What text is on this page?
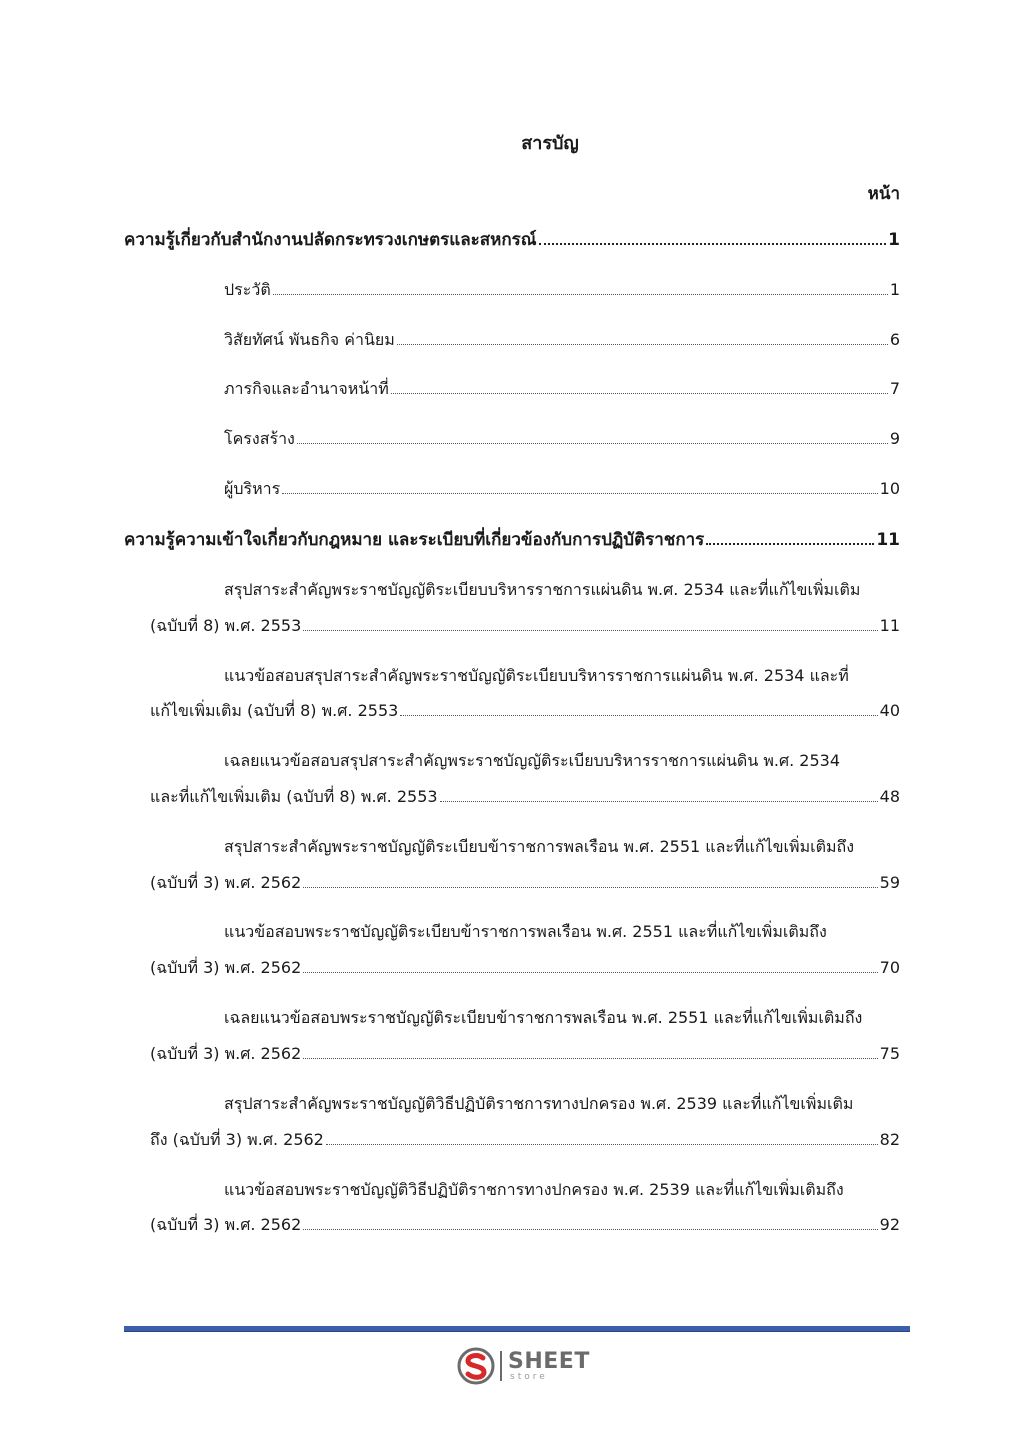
สารบัญ
หน้า
ความรู้เกี่ยวกับสำนักงานปลัดกระทรวงเกษตรและสหกรณ์	1
ประวัติ	1
วิสัยทัศน์ พันธกิจ ค่านิยม	6
ภารกิจและอำนาจหน้าที่	7
โครงสร้าง	9
ผู้บริหาร	10
ความรู้ความเข้าใจเกี่ยวกับกฎหมาย และระเบียบที่เกี่ยวข้องกับการปฏิบัติราชการ	11
สรุปสาระสำคัญพระราชบัญญัติระเบียบบริหารราชการแผ่นดิน พ.ศ. 2534 และที่แก้ไขเพิ่มเติม
(ฉบับที่ 8) พ.ศ. 2553	11
แนวข้อสอบสรุปสาระสำคัญพระราชบัญญัติระเบียบบริหารราชการแผ่นดิน พ.ศ. 2534 และที่
แก้ไขเพิ่มเติม (ฉบับที่ 8) พ.ศ. 2553	40
เฉลยแนวข้อสอบสรุปสาระสำคัญพระราชบัญญัติระเบียบบริหารราชการแผ่นดิน พ.ศ. 2534
และที่แก้ไขเพิ่มเติม (ฉบับที่ 8) พ.ศ. 2553	48
สรุปสาระสำคัญพระราชบัญญัติระเบียบข้าราชการพลเรือน พ.ศ. 2551 และที่แก้ไขเพิ่มเติมถึง
(ฉบับที่ 3) พ.ศ. 2562	59
แนวข้อสอบพระราชบัญญัติระเบียบข้าราชการพลเรือน พ.ศ. 2551 และที่แก้ไขเพิ่มเติมถึง
(ฉบับที่ 3) พ.ศ. 2562	70
เฉลยแนวข้อสอบพระราชบัญญัติระเบียบข้าราชการพลเรือน พ.ศ. 2551 และที่แก้ไขเพิ่มเติมถึง
(ฉบับที่ 3) พ.ศ. 2562	75
สรุปสาระสำคัญพระราชบัญญัติวิธีปฏิบัติราชการทางปกครอง พ.ศ. 2539 และที่แก้ไขเพิ่มเติม
ถึง (ฉบับที่ 3) พ.ศ. 2562	82
แนวข้อสอบพระราชบัญญัติวิธีปฏิบัติราชการทางปกครอง พ.ศ. 2539 และที่แก้ไขเพิ่มเติมถึง
(ฉบับที่ 3) พ.ศ. 2562	92
SHEET
store
